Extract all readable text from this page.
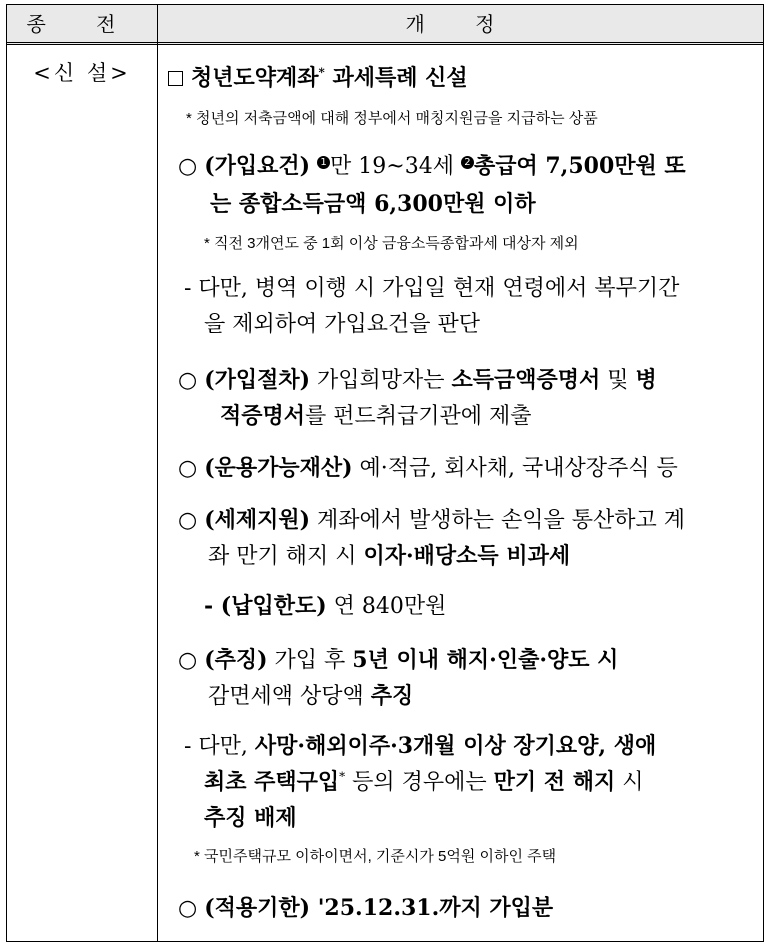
종 전	개 정
<신 설>	청년도약계좌* 과세특례 신설
* 청년의 저축금액에 대해 정부에서 매칭지원금을 지급하는 상품
○ (가입요건) 1 만 19~34세 2 총급여 7,500만원 또
는 종합소득금액 6,300만원 이하
* 직전 3개연도 중 1회 이상 금융소득종합과세 대상자 제외
- 다만, 병역 이행 시 가입일 현재 연령에서 복무기간
을 제외하여 가입요건을 판단
○ (가입절차) 가입희망자는 소득금액증명서 및 병
적증명서를 펀드취급기관에 제출
○ (운용가능재산) 예·적금, 회사채, 국내상장주식 등
○ (세제지원) 계좌에서 발생하는 손익을 통산하고 계
좌 만기 해지 시 이자·배당소득 비과세
- (납입한도) 연 840만원
○ (추징) 가입 후 5년 이내 해지·인출·양도 시
감면세액 상당액 추징
- 다만, 사망·해외이주·3개월 이상 장기요양, 생애
최초 주택구입* 등의 경우에는 만기 전 해지 시
추징 배제
* 국민주택규모 이하이면서, 기준시가 5억원 이하인 주택
○ (적용기한) '25.12.31.까지 가입분
